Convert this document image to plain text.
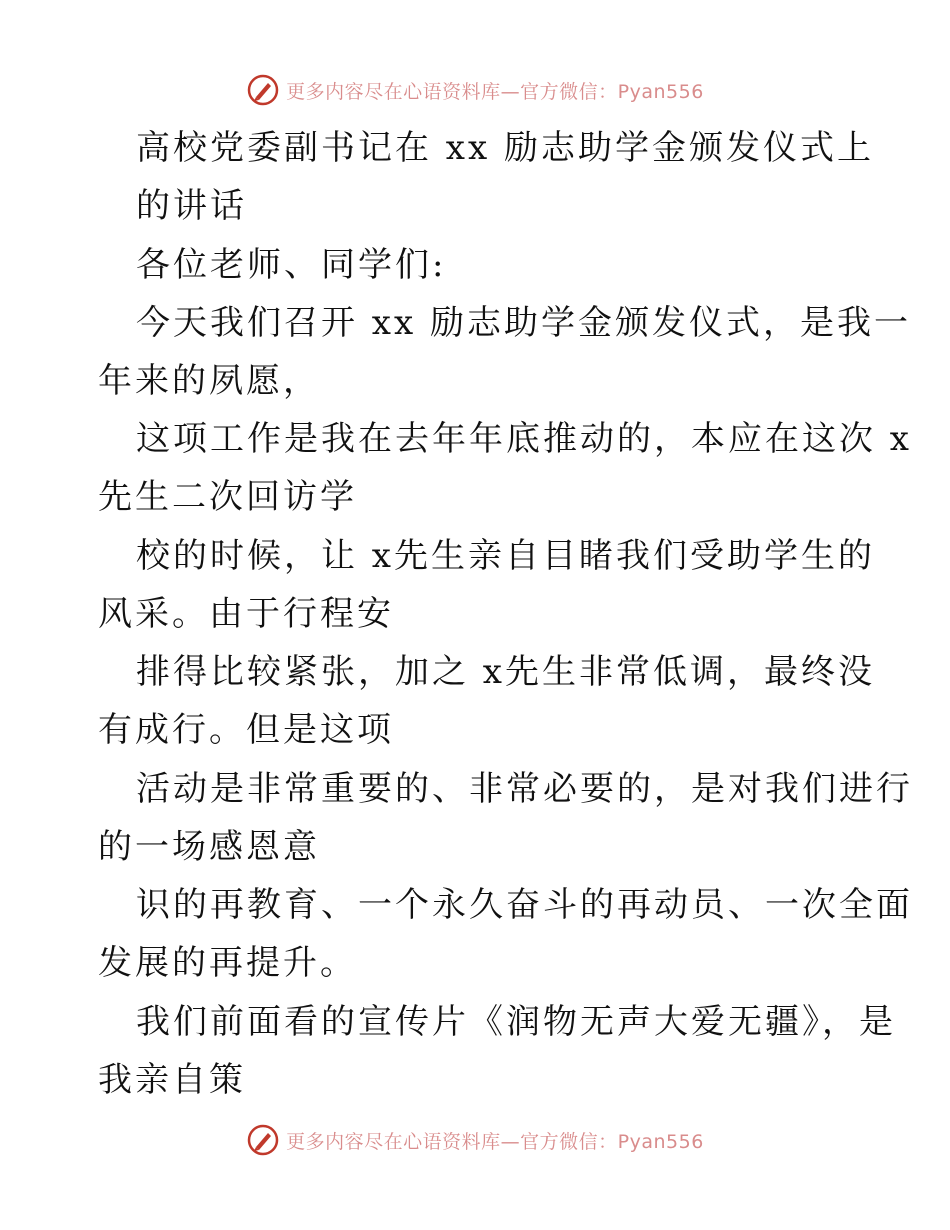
更多内容尽在心语资料库—官方微信：Pyan556
高校党委副书记在 xx 励志助学金颁发仪式上
的讲话
各位老师、同学们:
今天我们召开 xx 励志助学金颁发仪式，是我一
年来的夙愿，
这项工作是我在去年年底推动的，本应在这次 x
先生二次回访学
校的时候，让 x先生亲自目睹我们受助学生的
风采。由于行程安
排得比较紧张，加之 x先生非常低调，最终没
有成行。但是这项
活动是非常重要的、非常必要的，是对我们进行
的一场感恩意
识的再教育、一个永久奋斗的再动员、一次全面
发展的再提升。
我们前面看的宣传片《润物无声大爱无疆》，是
我亲自策
更多内容尽在心语资料库—官方微信：Pyan556
